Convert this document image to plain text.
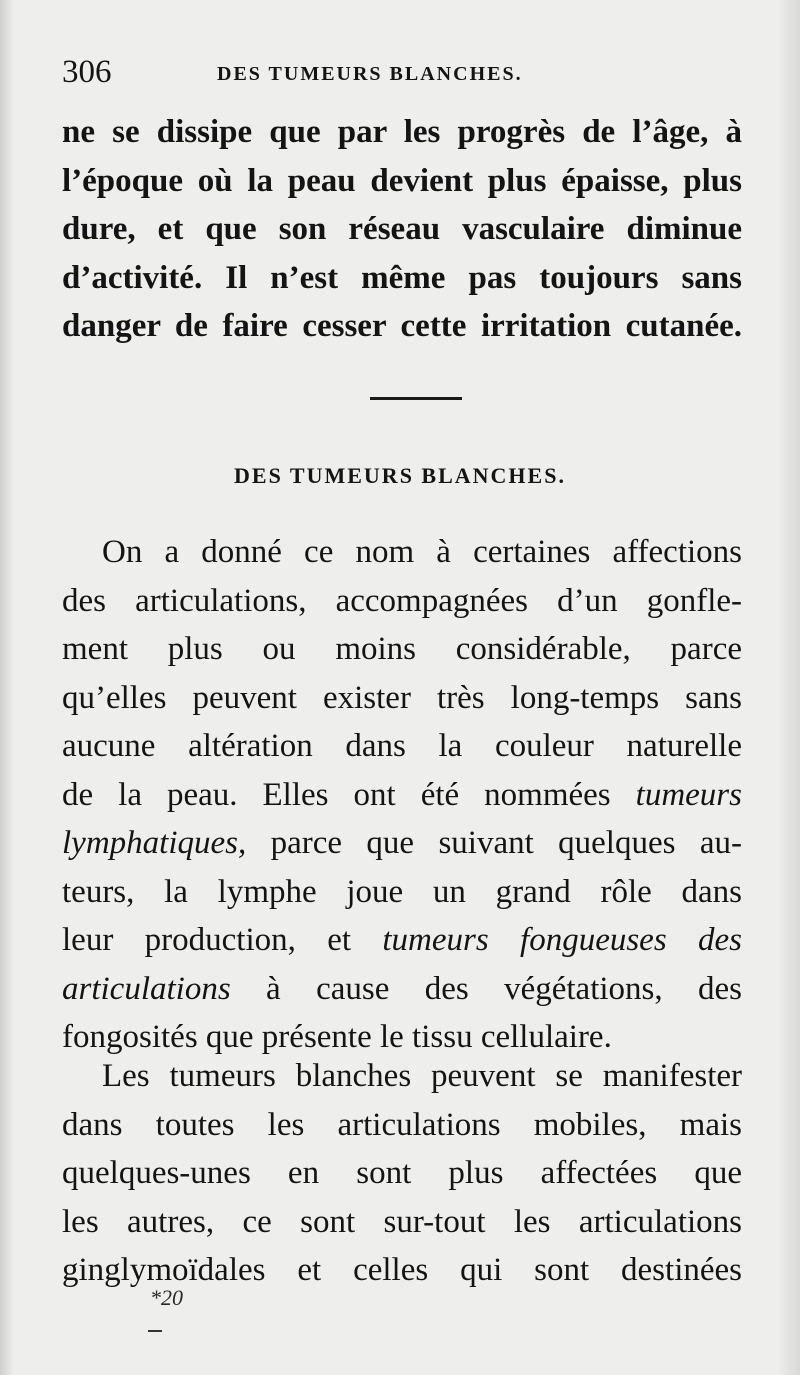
306	DES TUMEURS BLANCHES.
ne se dissipe que par les progrès de l’âge, à
l’époque où la peau devient plus épaisse, plus
dure, et que son réseau vasculaire diminue
d’activité. Il n’est même pas toujours sans
danger de faire cesser cette irritation cutanée.
DES TUMEURS BLANCHES.
On a donné ce nom à certaines affections
des articulations, accompagnées d’un gonfle-
ment plus ou moins considérable, parce
qu’elles peuvent exister très long-temps sans
aucune altération dans la couleur naturelle
de la peau. Elles ont été nommées tumeurs
lymphatiques, parce que suivant quelques au-
teurs, la lymphe joue un grand rôle dans
leur production, et tumeurs fongueuses des
articulations à cause des végétations, des
fongosités que présente le tissu cellulaire.
Les tumeurs blanches peuvent se manifester
dans toutes les articulations mobiles, mais
quelques-unes en sont plus affectées que
les autres, ce sont sur-tout les articulations
ginglymoïdales et celles qui sont destinées
*20
